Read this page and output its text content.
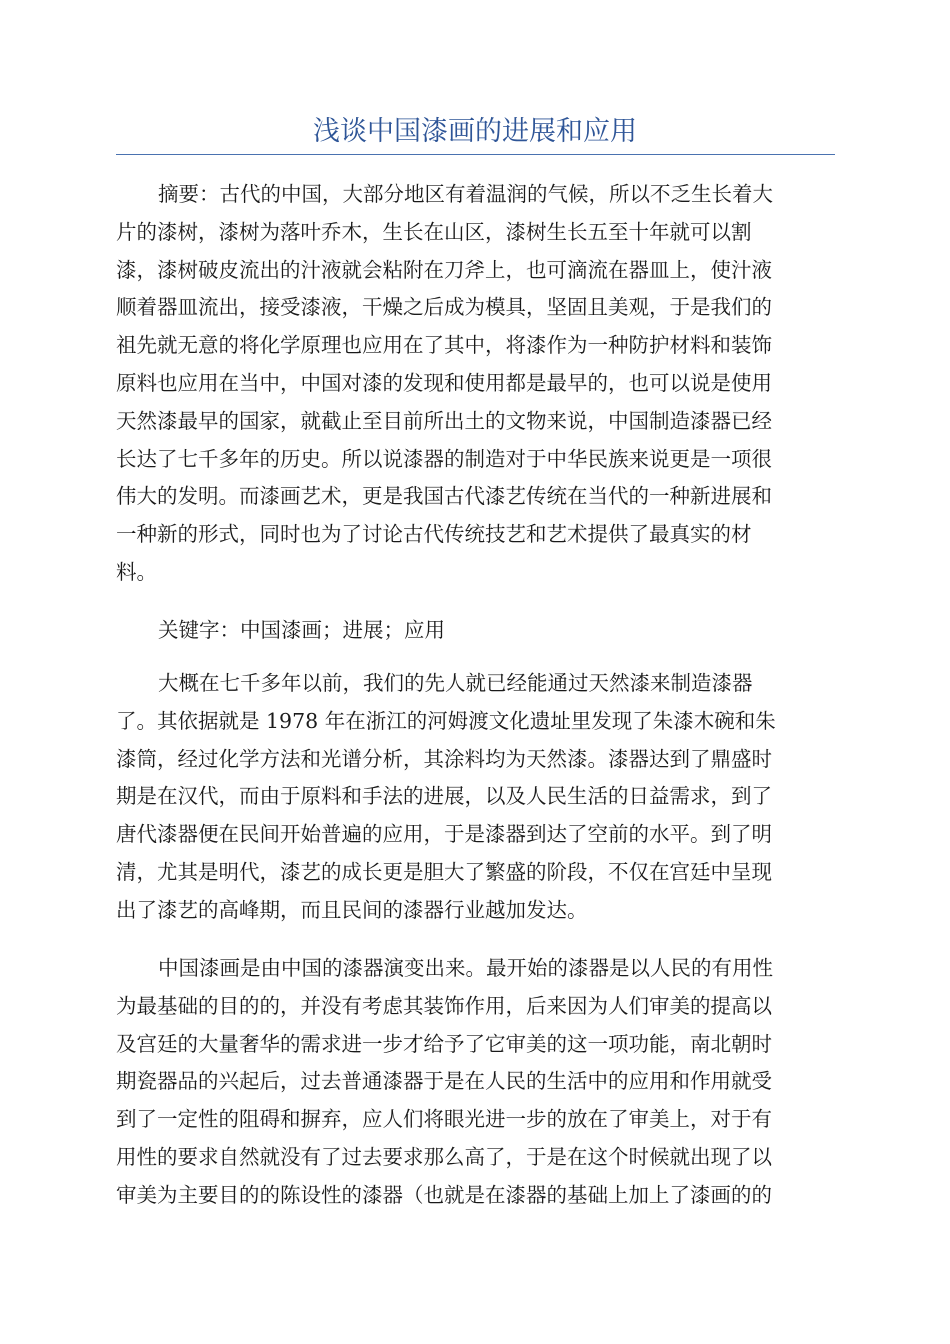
浅谈中国漆画的进展和应用
摘要：古代的中国，大部分地区有着温润的气候，所以不乏生长着大
片的漆树，漆树为落叶乔木，生长在山区，漆树生长五至十年就可以割
漆，漆树破皮流出的汁液就会粘附在刀斧上，也可滴流在器皿上，使汁液
顺着器皿流出，接受漆液，干燥之后成为模具，坚固且美观，于是我们的
祖先就无意的将化学原理也应用在了其中，将漆作为一种防护材料和装饰
原料也应用在当中，中国对漆的发现和使用都是最早的，也可以说是使用
天然漆最早的国家，就截止至目前所出土的文物来说，中国制造漆器已经
长达了七千多年的历史。所以说漆器的制造对于中华民族来说更是一项很
伟大的发明。而漆画艺术，更是我国古代漆艺传统在当代的一种新进展和
一种新的形式，同时也为了讨论古代传统技艺和艺术提供了最真实的材
料。
关键字：中国漆画；进展；应用
大概在七千多年以前，我们的先人就已经能通过天然漆来制造漆器
了。其依据就是 1978 年在浙江的河姆渡文化遗址里发现了朱漆木碗和朱
漆筒，经过化学方法和光谱分析，其涂料均为天然漆。漆器达到了鼎盛时
期是在汉代，而由于原料和手法的进展，以及人民生活的日益需求，到了
唐代漆器便在民间开始普遍的应用，于是漆器到达了空前的水平。到了明
清，尤其是明代，漆艺的成长更是胆大了繁盛的阶段，不仅在宫廷中呈现
出了漆艺的高峰期，而且民间的漆器行业越加发达。
中国漆画是由中国的漆器演变出来。最开始的漆器是以人民的有用性
为最基础的目的的，并没有考虑其装饰作用，后来因为人们审美的提高以
及宫廷的大量奢华的需求进一步才给予了它审美的这一项功能，南北朝时
期瓷器品的兴起后，过去普通漆器于是在人民的生活中的应用和作用就受
到了一定性的阻碍和摒弃，应人们将眼光进一步的放在了审美上，对于有
用性的要求自然就没有了过去要求那么高了，于是在这个时候就出现了以
审美为主要目的的陈设性的漆器（也就是在漆器的基础上加上了漆画的的
